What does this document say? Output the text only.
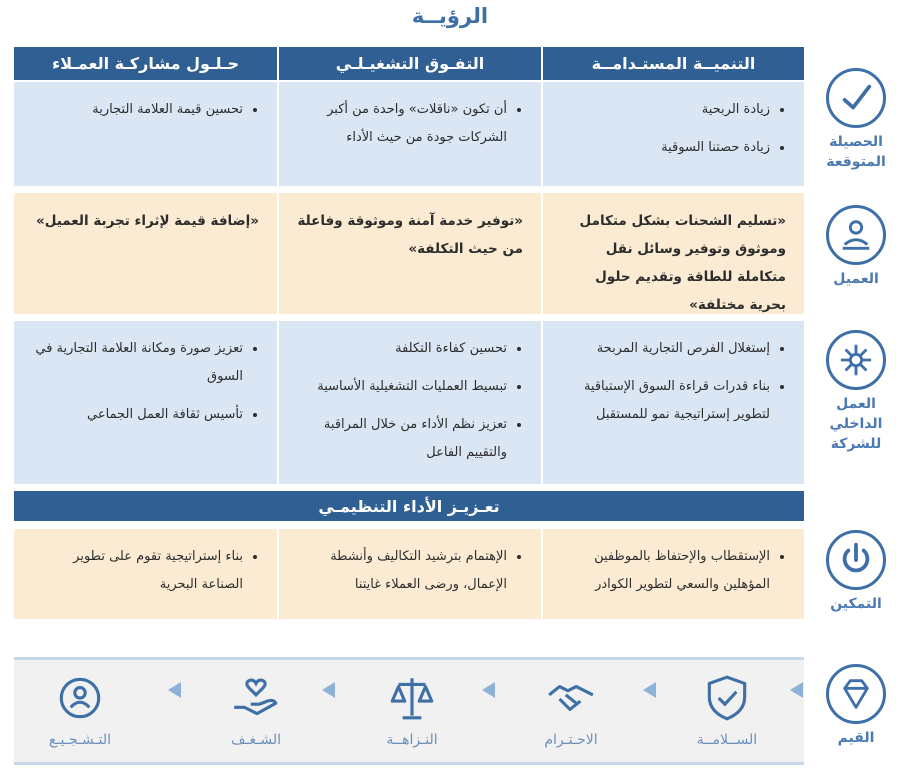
الرؤيــة
التنميــة المستـدامــة
التفـوق التشغيـلـي
حـلـول مشاركـة العمـلاء
• زيادة الربحية
• زيادة حصتنا السوقية
• أن تكون «ناقلات» واحدة من أكبر الشركات جودة من حيث الأداء
• تحسين قيمة العلامة التجارية
«تسليم الشحنات بشكل متكامل وموثوق وتوفير وسائل نقل متكاملة للطاقة وتقديم حلول بحرية مختلفة»
«توفير خدمة آمنة وموثوقة وفاعلة من حيث التكلفة»
«إضافة قيمة لإثراء تجربة العميل»
• إستغلال الفرص التجارية المربحة
• بناء قدرات قراءة السوق الإستباقية لتطوير إستراتيجية نمو للمستقبل
• تحسين كفاءة التكلفة
• تبسيط العمليات التشغيلية الأساسية
• تعزيز نظم الأداء من خلال المراقبة والتقييم الفاعل
• تعزيز صورة ومكانة العلامة التجارية في السوق
• تأسيس ثقافة العمل الجماعي
تعـزيـز الأداء التنظيمـي
• الإستقطاب والإحتفاظ بالموظفين المؤهلين والسعي لتطوير الكوادر
• الإهتمام بترشيد التكاليف وأنشطة الإعمال، ورضى العملاء غايتنا
• بناء إستراتيجية تقوم على تطوير الصناعة البحرية
الحصيلة
المتوقعة
العميل
العمل
الداخلي
للشركة
التمكين
القيم
الســلامــة
الاحـتـرام
النـزاهــة
الشـغـف
التـشـجـيـع
